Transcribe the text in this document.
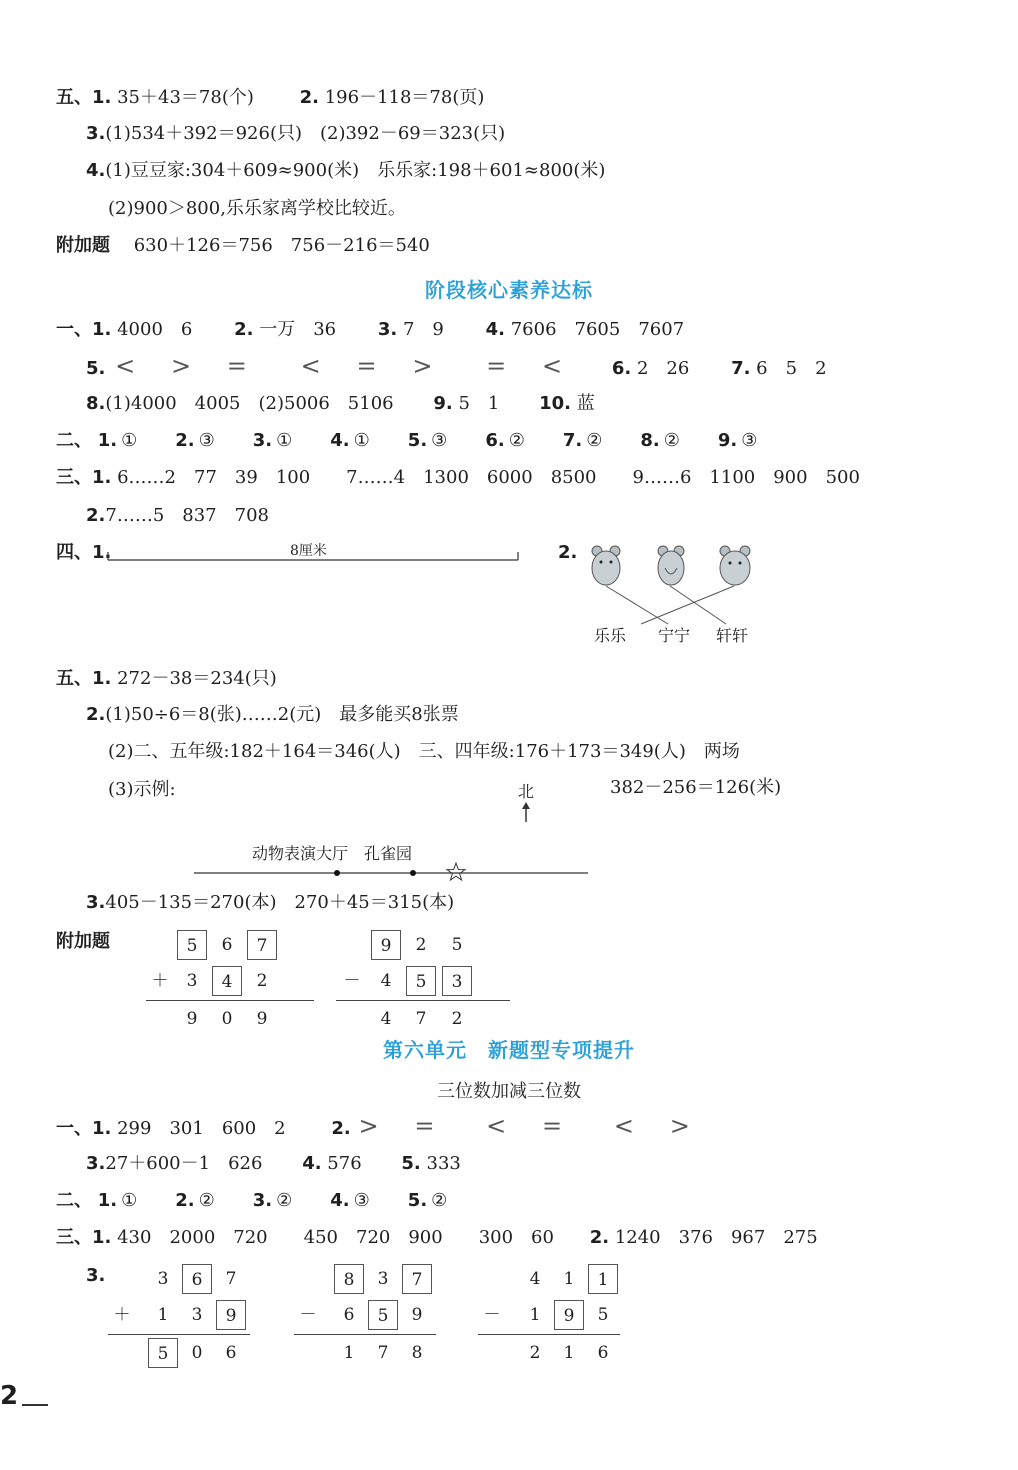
五、1. 35＋43＝78(个)	2. 196－118＝78(页)
3.(1)534＋392＝926(只)　(2)392－69＝323(只)
4.(1)豆豆家:304＋609≈900(米)　乐乐家:198＋601≈800(米)
(2)900＞800,乐乐家离学校比较近。
附加题 630＋126＝756　756－216＝540
阶段核心素养达标
一、1. 4000　6 2. 一万　36 3. 7　9 4. 7606　7605　7607
5. < > = < = > = <	6. 2　26 7. 6　5　2
8.(1)4000　4005　(2)5006　5106 9. 5　1 10. 蓝
二、 1. ① 2. ③ 3. ① 4. ① 5. ③ 6. ② 7. ② 8. ② 9. ③
三、1. 6……2　77　39　100　　7……4　1300　6000　8500　　9……6　1100　900　500
2.7……5　837　708
四、1.	8厘米	2.
乐乐 宁宁 轩轩
五、1. 272－38＝234(只)
2.(1)50÷6＝8(张)……2(元)　最多能买8张票
(2)二、五年级:182＋164＝346(人)　三、四年级:176＋173＝349(人)　两场
(3)示例:	北	382－256＝126(米)
动物表演大厅　孔雀园
3.405－135＝270(本)　270＋45＝315(本)
附加题	5	6	7
3	4	2
9	0	9
＋
9	2	5
4	5	3
4	7	2
－
第六单元　新题型专项提升
三位数加减三位数
一、1. 299　301　600　2	2. > = < = < >
3.27＋600－1　626 4. 576 5. 333
二、 1. ① 2. ② 3. ② 4. ③ 5. ②
三、1. 430　2000　720　　450　720　900　　300　60 2. 1240　376　967　275
3.	3	6	7
1	3	9
5	0	6
＋
8	3	7
6	5	9
1	7	8
－
4	1	1
1	9	5
2	1	6
－
2
